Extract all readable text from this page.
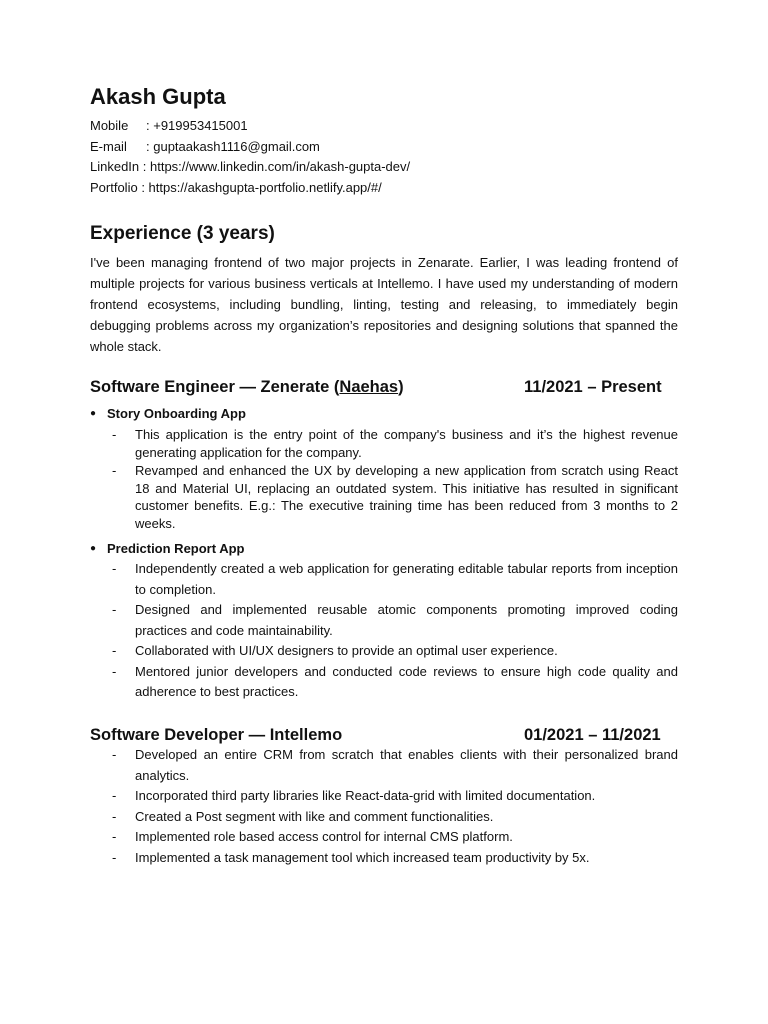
Akash Gupta
Mobile : +919953415001
E-mail : guptaakash1116@gmail.com
LinkedIn : https://www.linkedin.com/in/akash-gupta-dev/
Portfolio : https://akashgupta-portfolio.netlify.app/#/
Experience (3 years)

I've been managing frontend of two major projects in Zenarate. Earlier, I was leading frontend of multiple projects for various business verticals at Intellemo. I have used my understanding of modern frontend ecosystems, including bundling, linting, testing and releasing, to immediately begin debugging problems across my organization’s repositories and designing solutions that spanned the whole stack.

Software Engineer — Zenerate (Naehas)	11/2021 – Present
● Story Onboarding App
- This application is the entry point of the company's business and it’s the highest revenue generating application for the company.
- Revamped and enhanced the UX by developing a new application from scratch using React 18 and Material UI, replacing an outdated system. This initiative has resulted in significant customer benefits. E.g.: The executive training time has been reduced from 3 months to 2 weeks.
● Prediction Report App
- Independently created a web application for generating editable tabular reports from inception to completion.
- Designed and implemented reusable atomic components promoting improved coding practices and code maintainability.
- Collaborated with UI/UX designers to provide an optimal user experience.
- Mentored junior developers and conducted code reviews to ensure high code quality and adherence to best practices.
Software Developer — Intellemo	01/2021 – 11/2021
- Developed an entire CRM from scratch that enables clients with their personalized brand analytics.
- Incorporated third party libraries like React-data-grid with limited documentation.
- Created a Post segment with like and comment functionalities.
- Implemented role based access control for internal CMS platform.
- Implemented a task management tool which increased team productivity by 5x.
